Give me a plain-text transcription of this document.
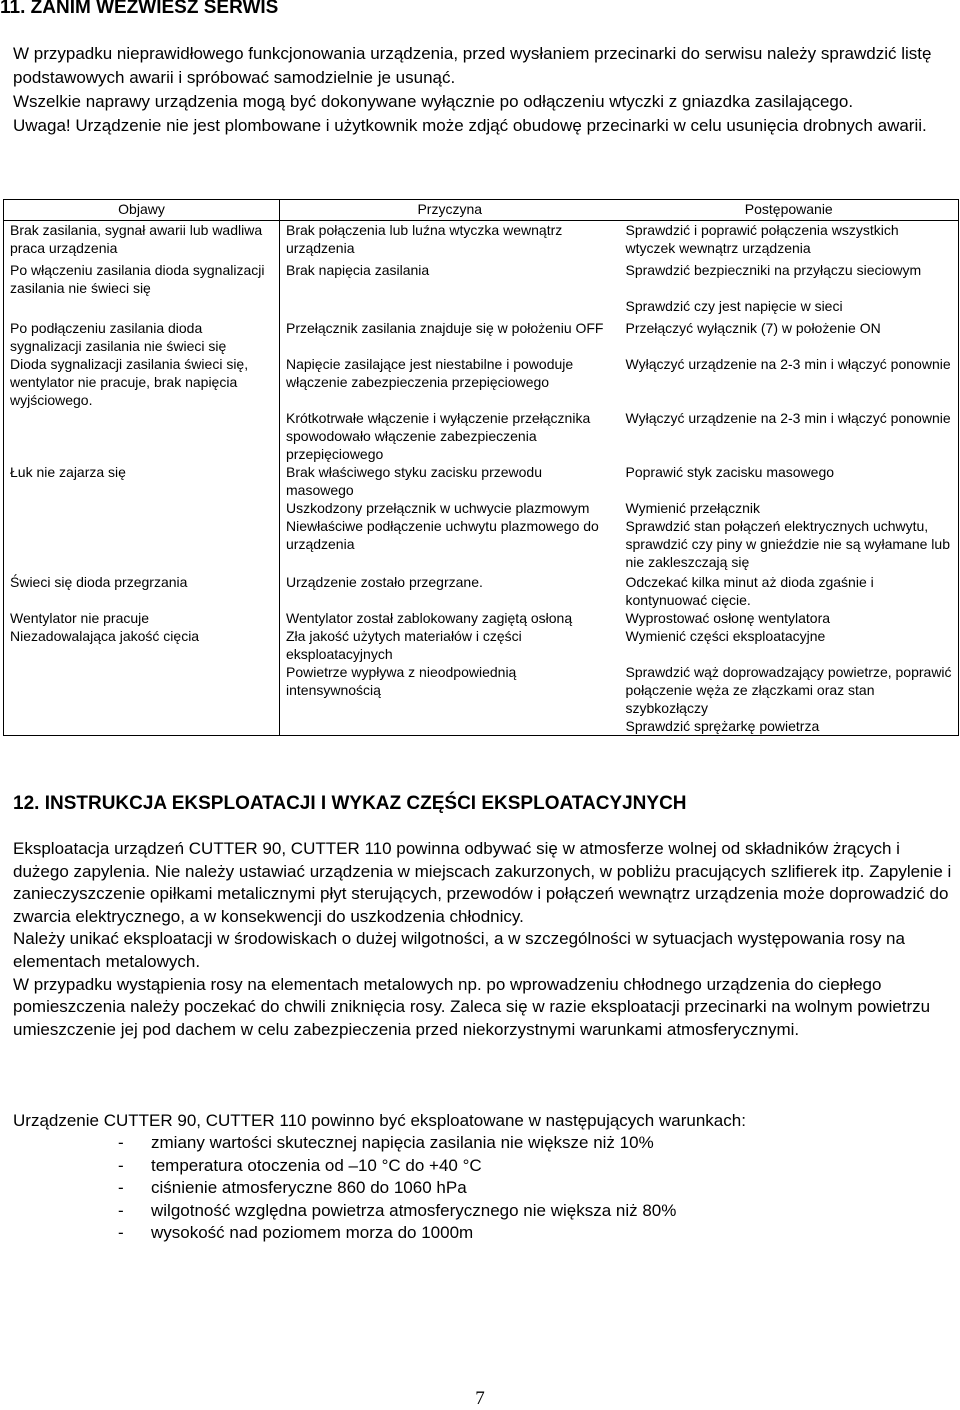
11. ZANIM WEZWIESZ SERWIS

W przypadku nieprawidłowego funkcjonowania urządzenia, przed wysłaniem przecinarki do serwisu należy sprawdzić listę podstawowych awarii i spróbować samodzielnie je usunąć.

Wszelkie naprawy urządzenia mogą być dokonywane wyłącznie po odłączeniu wtyczki z gniazdka zasilającego.

Uwaga! Urządzenie nie jest plombowane i użytkownik może zdjąć obudowę przecinarki w celu usunięcia drobnych awarii.

Objawy	Przyczyna	Postępowanie
Brak zasilania, sygnał awarii lub wadliwa praca urządzenia	Brak połączenia lub luźna wtyczka wewnątrz urządzenia	Sprawdzić i poprawić połączenia wszystkich wtyczek wewnątrz urządzenia
Po włączeniu zasilania dioda sygnalizacji zasilania nie świeci się	Brak napięcia zasilania	Sprawdzić bezpieczniki na przyłączu sieciowym
		Sprawdzić czy jest napięcie w sieci
Po podłączeniu zasilania dioda sygnalizacji zasilania nie świeci się	Przełącznik zasilania znajduje się w położeniu OFF	Przełączyć wyłącznik (7) w położenie ON
Dioda sygnalizacji zasilania świeci się, wentylator nie pracuje, brak napięcia wyjściowego.	Napięcie zasilające jest niestabilne i powoduje włączenie zabezpieczenia przepięciowego	Wyłączyć urządzenie na 2-3 min i włączyć ponownie
	Krótkotrwałe włączenie i wyłączenie przełącznika spowodowało włączenie zabezpieczenia przepięciowego	Wyłączyć urządzenie na 2-3 min i włączyć ponownie
Łuk nie zajarza się	Brak właściwego styku zacisku przewodu masowego	Poprawić styk zacisku masowego
	Uszkodzony przełącznik w uchwycie plazmowym	Wymienić przełącznik
	Niewłaściwe podłączenie uchwytu plazmowego do urządzenia	Sprawdzić stan połączeń elektrycznych uchwytu, sprawdzić czy piny w gnieździe nie są wyłamane lub nie zakleszczają się
Świeci się dioda przegrzania	Urządzenie zostało przegrzane.	Odczekać kilka minut aż dioda zgaśnie i kontynuować cięcie.
Wentylator nie pracuje	Wentylator został zablokowany zagiętą osłoną	Wyprostować osłonę wentylatora
Niezadowalająca jakość cięcia	Zła jakość użytych materiałów i części eksploatacyjnych	Wymienić części eksploatacyjne
	Powietrze wypływa z nieodpowiednią intensywnością	Sprawdzić wąż doprowadzający powietrze, poprawić połączenie węża ze złączkami oraz stan szybkozłączy
		Sprawdzić sprężarkę powietrza
12. INSTRUKCJA EKSPLOATACJI I WYKAZ CZĘŚCI EKSPLOATACYJNYCH

Eksploatacja urządzeń CUTTER 90, CUTTER 110 powinna odbywać się w atmosferze wolnej od składników żrących i dużego zapylenia. Nie należy ustawiać urządzenia w miejscach zakurzonych, w pobliżu pracujących szlifierek itp. Zapylenie i zanieczyszczenie opiłkami metalicznymi płyt sterujących, przewodów i połączeń wewnątrz urządzenia może doprowadzić do zwarcia elektrycznego, a w konsekwencji do uszkodzenia chłodnicy.

Należy unikać eksploatacji w środowiskach o dużej wilgotności, a w szczególności w sytuacjach występowania rosy na elementach metalowych.

W przypadku wystąpienia rosy na elementach metalowych np. po wprowadzeniu chłodnego urządzenia do ciepłego pomieszczenia należy poczekać do chwili zniknięcia rosy. Zaleca się w razie eksploatacji przecinarki na wolnym powietrzu umieszczenie jej pod dachem w celu zabezpieczenia przed niekorzystnymi warunkami atmosferycznymi.

Urządzenie CUTTER 90, CUTTER 110 powinno być eksploatowane w następujących warunkach:

- zmiany wartości skutecznej napięcia zasilania nie większe niż 10%
- temperatura otoczenia od –10 °C do +40 °C
- ciśnienie atmosferyczne 860 do 1060 hPa
- wilgotność względna powietrza atmosferycznego nie większa niż 80%
- wysokość nad poziomem morza do 1000m
7
